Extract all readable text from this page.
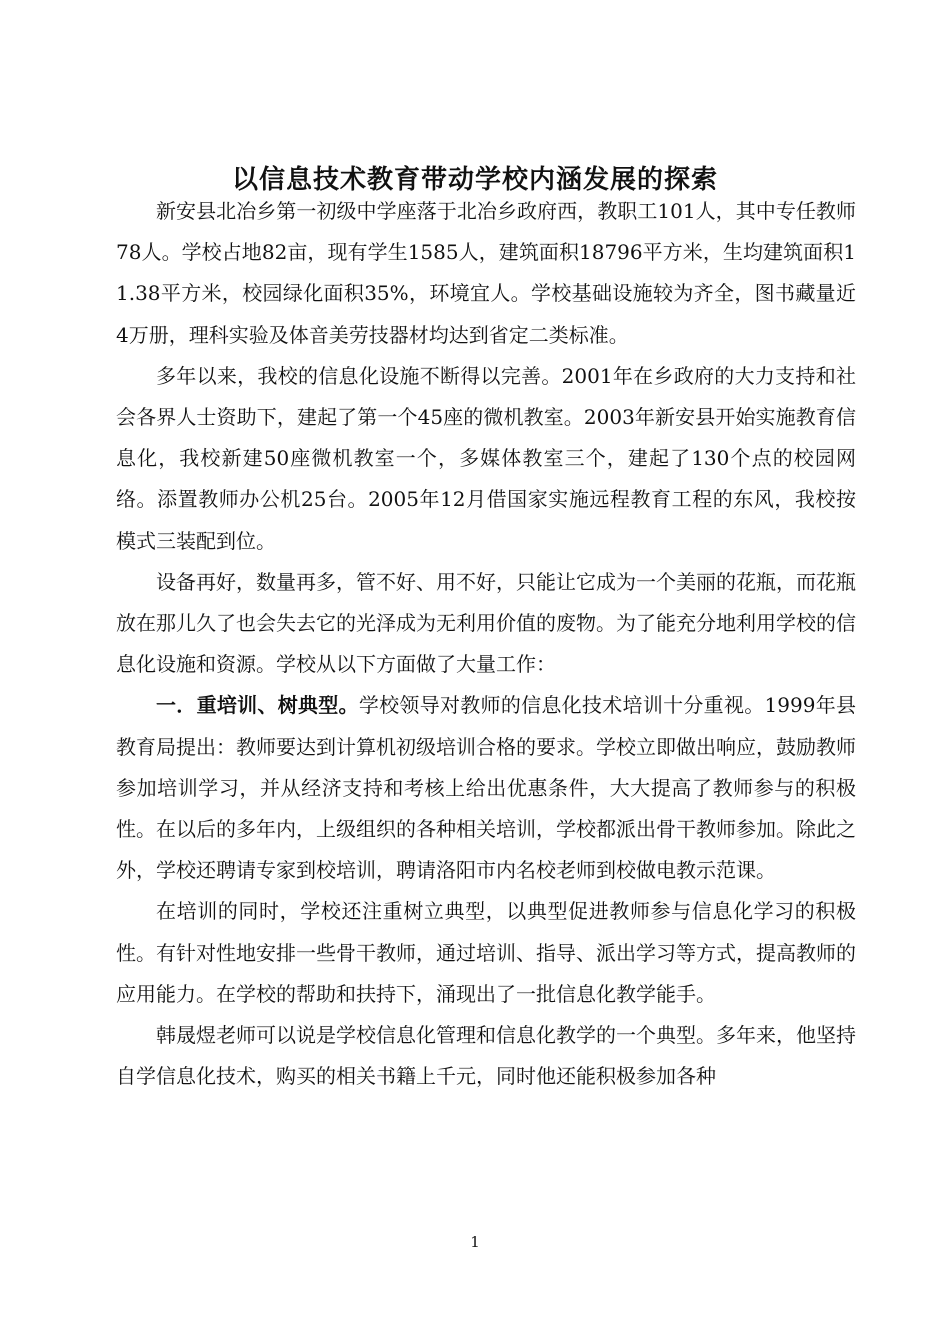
以信息技术教育带动学校内涵发展的探索

新安县北冶乡第一初级中学座落于北冶乡政府西，教职工101人，其中专任教师78人。学校占地82亩，现有学生1585人，建筑面积18796平方米，生均建筑面积11.38平方米，校园绿化面积35%，环境宜人。学校基础设施较为齐全，图书藏量近4万册，理科实验及体音美劳技器材均达到省定二类标准。

多年以来，我校的信息化设施不断得以完善。2001年在乡政府的大力支持和社会各界人士资助下，建起了第一个45座的微机教室。2003年新安县开始实施教育信息化，我校新建50座微机教室一个，多媒体教室三个，建起了130个点的校园网络。添置教师办公机25台。2005年12月借国家实施远程教育工程的东风，我校按模式三装配到位。

设备再好，数量再多，管不好、用不好，只能让它成为一个美丽的花瓶，而花瓶放在那儿久了也会失去它的光泽成为无利用价值的废物。为了能充分地利用学校的信息化设施和资源。学校从以下方面做了大量工作：

一．重培训、树典型。学校领导对教师的信息化技术培训十分重视。1999年县教育局提出：教师要达到计算机初级培训合格的要求。学校立即做出响应，鼓励教师参加培训学习，并从经济支持和考核上给出优惠条件，大大提高了教师参与的积极性。在以后的多年内，上级组织的各种相关培训，学校都派出骨干教师参加。除此之外，学校还聘请专家到校培训，聘请洛阳市内名校老师到校做电教示范课。

在培训的同时，学校还注重树立典型，以典型促进教师参与信息化学习的积极性。有针对性地安排一些骨干教师，通过培训、指导、派出学习等方式，提高教师的应用能力。在学校的帮助和扶持下，涌现出了一批信息化教学能手。

韩晟煜老师可以说是学校信息化管理和信息化教学的一个典型。多年来，他坚持自学信息化技术，购买的相关书籍上千元，同时他还能积极参加各种

1
